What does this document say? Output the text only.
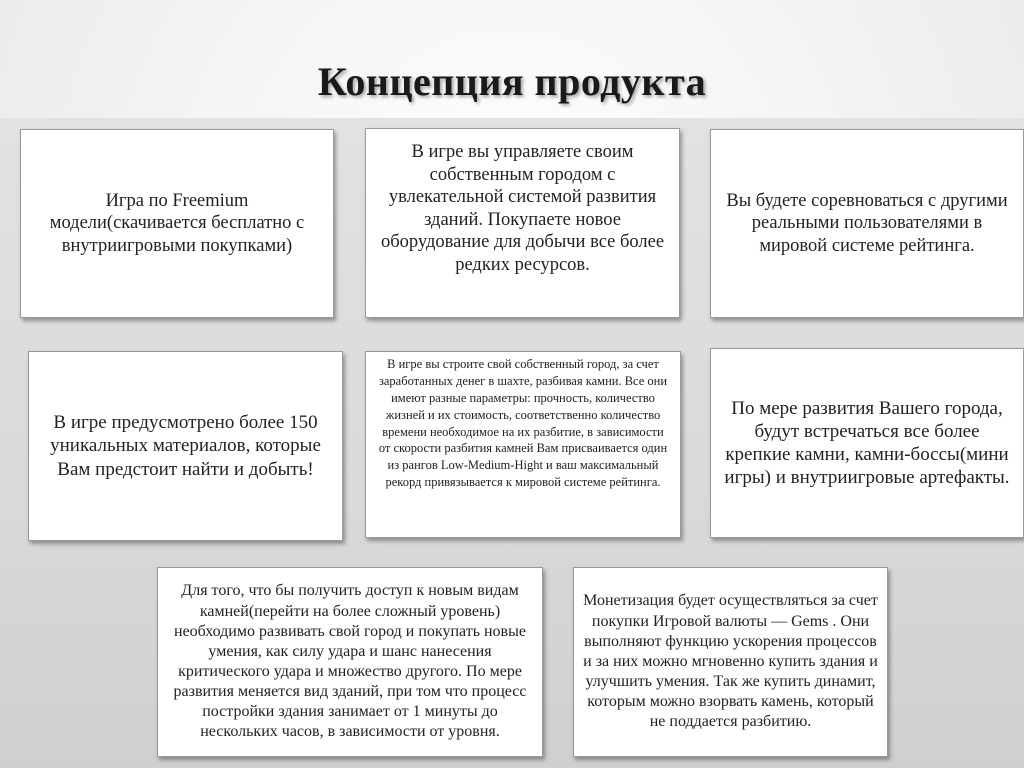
Концепция продукта
Игра по Freemium модели(скачивается бесплатно с внутриигровыми покупками)
В игре вы управляете своим собственным городом с увлекательной системой развития зданий. Покупаете новое оборудование для добычи все более редких ресурсов.
Вы будете соревноваться с другими реальными пользователями в мировой системе рейтинга.
В игре предусмотрено более 150 уникальных материалов, которые Вам предстоит найти и добыть!
В игре вы строите свой собственный город, за счет заработанных денег в шахте, разбивая камни. Все они имеют разные параметры: прочность, количество жизней и их стоимость, соответственно количество времени необходимое на их разбитие, в зависимости от скорости разбития камней Вам присваивается один из рангов Low-Medium-Hight и ваш максимальный рекорд привязывается к мировой системе рейтинга.
По мере развития Вашего города, будут встречаться все более крепкие камни, камни-боссы(мини игры) и внутриигровые артефакты.
Для того, что бы получить доступ к новым видам камней(перейти на более сложный уровень) необходимо развивать свой город и покупать новые умения, как силу удара и шанс нанесения критического удара и множество другого. По мере развития меняется вид зданий, при том что процесс постройки здания занимает от 1 минуты до нескольких часов, в зависимости от уровня.
Монетизация будет осуществляться за счет покупки Игровой валюты — Gems . Они выполняют функцию ускорения процессов и за них можно мгновенно купить здания и улучшить умения. Так же купить динамит, которым можно взорвать камень, который не поддается разбитию.
